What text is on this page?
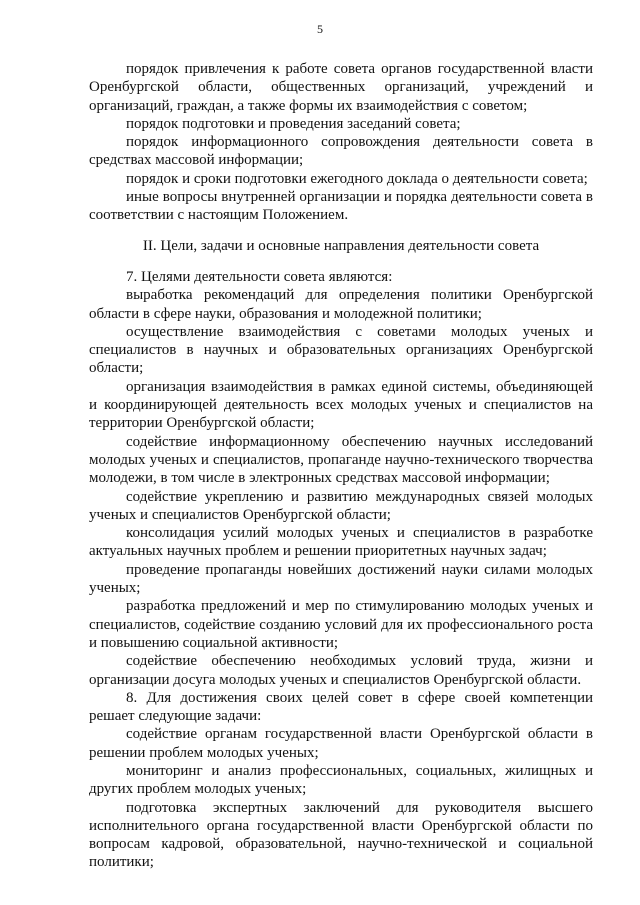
5

порядок привлечения к работе совета органов государственной власти Оренбургской области, общественных организаций, учреждений и организаций, граждан, а также формы их взаимодействия с советом;

порядок подготовки и проведения заседаний совета;

порядок информационного сопровождения деятельности совета в средствах массовой информации;

порядок и сроки подготовки ежегодного доклада о деятельности совета;

иные вопросы внутренней организации и порядка деятельности совета в соответствии с настоящим Положением.

II. Цели, задачи и основные направления деятельности совета

7. Целями деятельности совета являются:

выработка рекомендаций для определения политики Оренбургской области в сфере науки, образования и молодежной политики;

осуществление взаимодействия с советами молодых ученых и специалистов в научных и образовательных организациях Оренбургской области;

организация взаимодействия в рамках единой системы, объединяющей и координирующей деятельность всех молодых ученых и специалистов на территории Оренбургской области;

содействие информационному обеспечению научных исследований молодых ученых и специалистов, пропаганде научно-технического творчества молодежи, в том числе в электронных средствах массовой информации;

содействие укреплению и развитию международных связей молодых ученых и специалистов Оренбургской области;

консолидация усилий молодых ученых и специалистов в разработке актуальных научных проблем и решении приоритетных научных задач;

проведение пропаганды новейших достижений науки силами молодых ученых;

разработка предложений и мер по стимулированию молодых ученых и специалистов, содействие созданию условий для их профессионального роста и повышению социальной активности;

содействие обеспечению необходимых условий труда, жизни и организации досуга молодых ученых и специалистов Оренбургской области.

8. Для достижения своих целей совет в сфере своей компетенции решает следующие задачи:

содействие органам государственной власти Оренбургской области в решении проблем молодых ученых;

мониторинг и анализ профессиональных, социальных, жилищных и других проблем молодых ученых;

подготовка экспертных заключений для руководителя высшего исполнительного органа государственной власти Оренбургской области по вопросам кадровой, образовательной, научно-технической и социальной политики;
